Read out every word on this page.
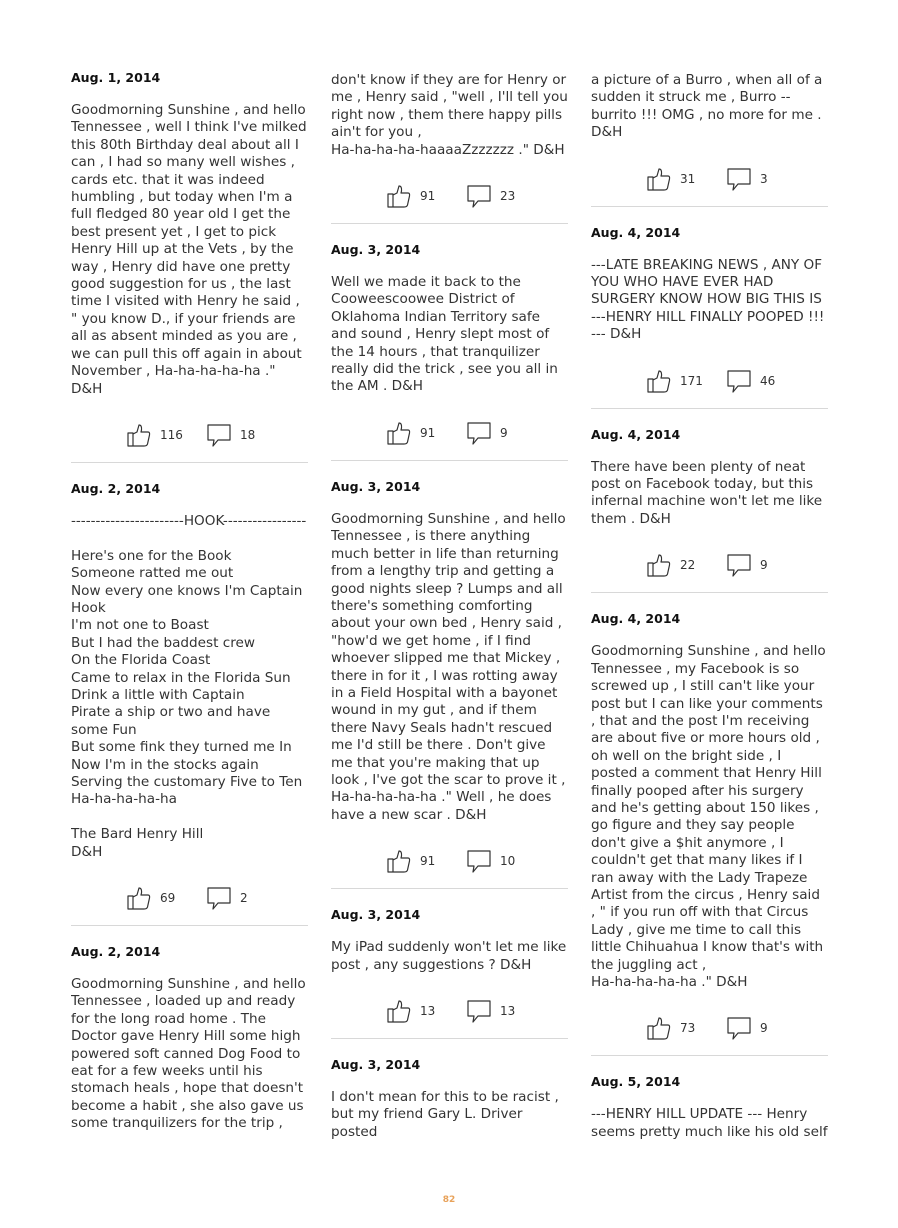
Aug. 1, 2014
Goodmorning Sunshine , and hello Tennessee , well I think I've milked this 80th Birthday deal about all I can , I had so many well wishes , cards etc. that it was indeed humbling , but today when I'm a full fledged 80 year old I get the best present yet , I get to pick Henry Hill up at the Vets , by the way , Henry did have one pretty good suggestion for us , the last time I visited with Henry he said , " you know D., if your friends are all as absent minded as you are , we can pull this off again in about November , Ha-ha-ha-ha-ha ." D&H
116	18
Aug. 2, 2014
-----------------------HOOK-----------------

Here's one for the Book
Someone ratted me out
Now every one knows I'm Captain Hook
I'm not one to Boast
But I had the baddest crew
On the Florida Coast
Came to relax in the Florida Sun
Drink a little with Captain
Pirate a ship or two and have some Fun
But some fink they turned me In
Now I'm in the stocks again
Serving the customary Five to Ten
Ha-ha-ha-ha-ha

The Bard Henry Hill
D&H
69	2
Aug. 2, 2014
Goodmorning Sunshine , and hello Tennessee , loaded up and ready for the long road home . The Doctor gave Henry Hill some high powered soft canned Dog Food to eat for a few weeks until his stomach heals , hope that doesn't become a habit , she also gave us some tranquilizers for the trip ,
don't know if they are for Henry or me , Henry said , "well , I'll tell you right now , them there happy pills ain't for you ,
Ha-ha-ha-ha-haaaaZzzzzzz ." D&H
91	23
Aug. 3, 2014
Well we made it back to the Cooweescoowee District of Oklahoma Indian Territory safe and sound , Henry slept most of the 14 hours , that tranquilizer really did the trick , see you all in the AM . D&H
91	9
Aug. 3, 2014
Goodmorning Sunshine , and hello Tennessee , is there anything much better in life than returning from a lengthy trip and getting a good nights sleep ? Lumps and all there's something comforting about your own bed , Henry said , "how'd we get home , if I find whoever slipped me that Mickey , there in for it , I was rotting away in a Field Hospital with a bayonet wound in my gut , and if them there Navy Seals hadn't rescued me I'd still be there . Don't give me that you're making that up look , I've got the scar to prove it ,
Ha-ha-ha-ha-ha ." Well , he does have a new scar . D&H
91	10
Aug. 3, 2014
My iPad suddenly won't let me like post , any suggestions ? D&H
13	13
Aug. 3, 2014
I don't mean for this to be racist , but my friend Gary L. Driver posted
a picture of a Burro , when all of a sudden it struck me , Burro -- burrito !!! OMG , no more for me . D&H
31	3
Aug. 4, 2014
---LATE BREAKING NEWS , ANY OF YOU WHO HAVE EVER HAD SURGERY KNOW HOW BIG THIS IS ---HENRY HILL FINALLY POOPED !!! --- D&H
171	46
Aug. 4, 2014
There have been plenty of neat post on Facebook today, but this infernal machine won't let me like them . D&H
22	9
Aug. 4, 2014
Goodmorning Sunshine , and hello Tennessee , my Facebook is so screwed up , I still can't like your post but I can like your comments , that and the post I'm receiving are about five or more hours old , oh well on the bright side , I posted a comment that Henry Hill finally pooped after his surgery and he's getting about 150 likes , go figure and they say people don't give a $hit anymore , I couldn't get that many likes if I ran away with the Lady Trapeze Artist from the circus , Henry said , " if you run off with that Circus Lady , give me time to call this little Chihuahua I know that's with the juggling act ,
Ha-ha-ha-ha-ha ." D&H
73	9
Aug. 5, 2014
---HENRY HILL UPDATE --- Henry seems pretty much like his old self
82
